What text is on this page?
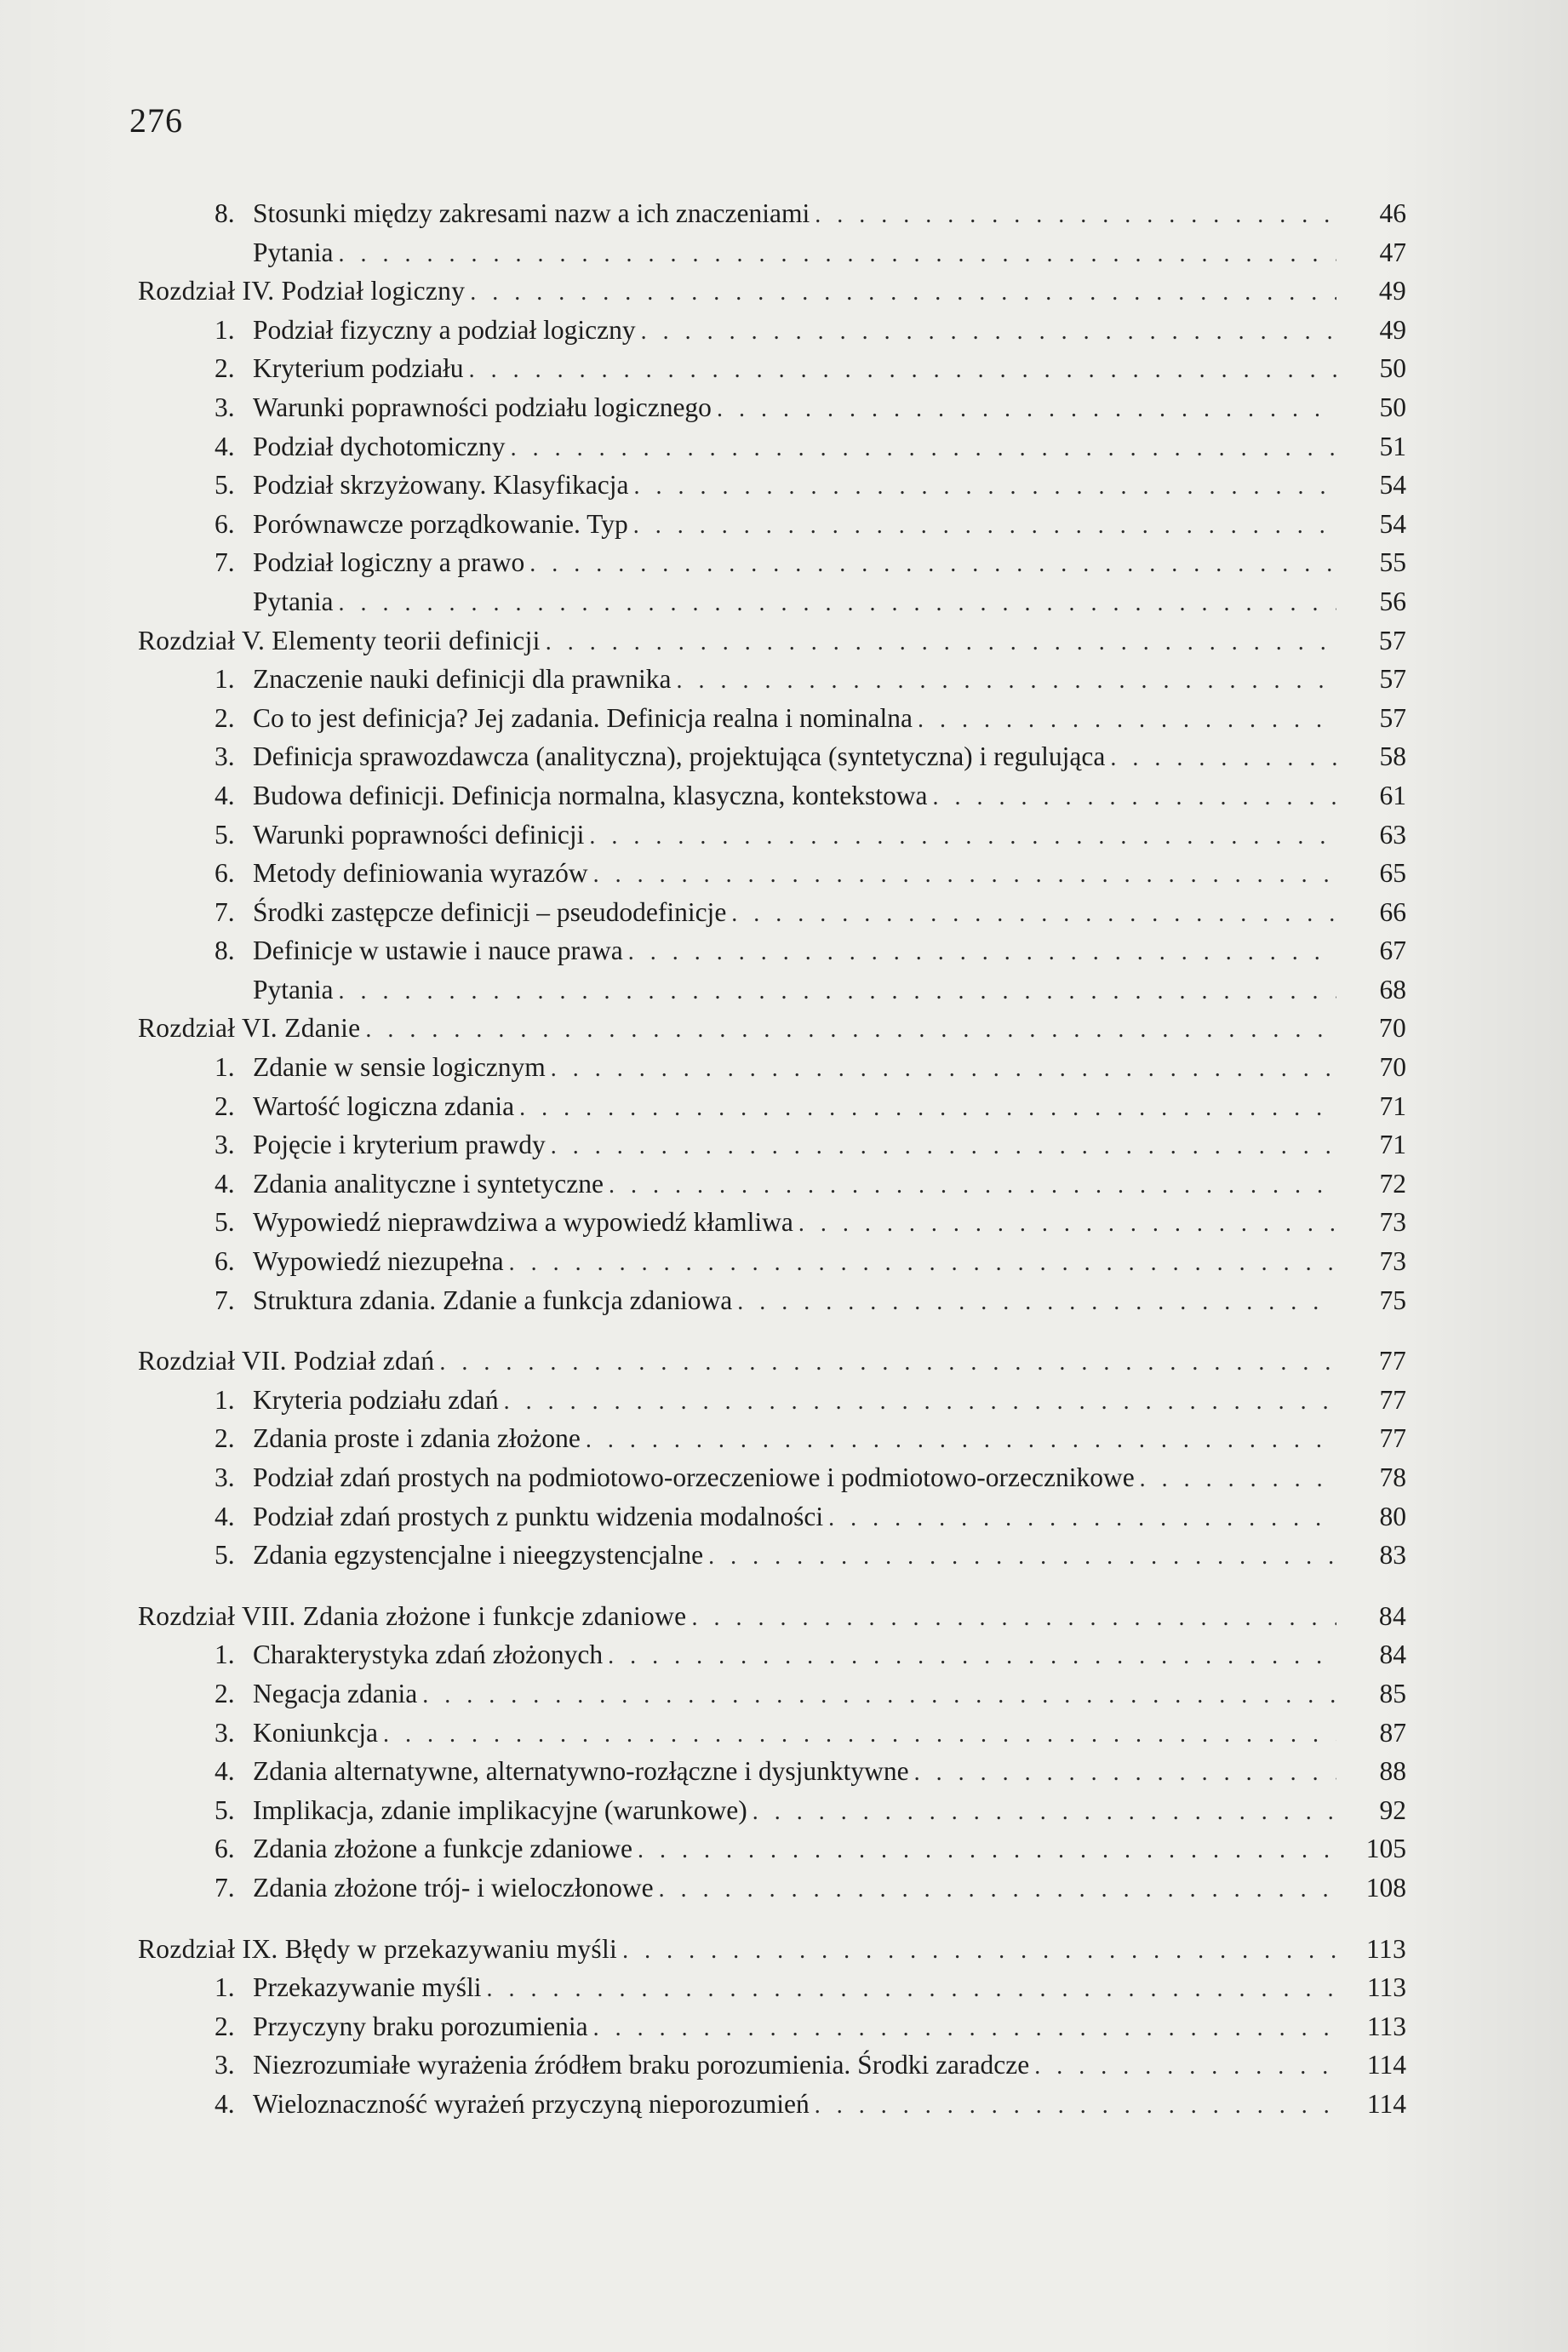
276
8. Stosunki między zakresami nazw a ich znaczeniami . . .	46
Pytania . . .	47
Rozdział IV. Podział logiczny . . .	49
1. Podział fizyczny a podział logiczny . . .	49
2. Kryterium podziału . . .	50
3. Warunki poprawności podziału logicznego . . .	50
4. Podział dychotomiczny . . .	51
5. Podział skrzyżowany. Klasyfikacja . . .	54
6. Porównawcze porządkowanie. Typ . . .	54
7. Podział logiczny a prawo . . .	55
Pytania . . .	56
Rozdział V. Elementy teorii definicji . . .	57
1. Znaczenie nauki definicji dla prawnika . . .	57
2. Co to jest definicja? Jej zadania. Definicja realna i nominalna . . .	57
3. Definicja sprawozdawcza (analityczna), projektująca (syntetyczna) i regulująca . . .	58
4. Budowa definicji. Definicja normalna, klasyczna, kontekstowa . . .	61
5. Warunki poprawności definicji . . .	63
6. Metody definiowania wyrazów . . .	65
7. Środki zastępcze definicji – pseudodefinicje . . .	66
8. Definicje w ustawie i nauce prawa . . .	67
Pytania . . .	68
Rozdział VI. Zdanie . . .	70
1. Zdanie w sensie logicznym . . .	70
2. Wartość logiczna zdania . . .	71
3. Pojęcie i kryterium prawdy . . .	71
4. Zdania analityczne i syntetyczne . . .	72
5. Wypowiedź nieprawdziwa a wypowiedź kłamliwa . . .	73
6. Wypowiedź niezupełna . . .	73
7. Struktura zdania. Zdanie a funkcja zdaniowa . . .	75
Rozdział VII. Podział zdań . . .	77
1. Kryteria podziału zdań . . .	77
2. Zdania proste i zdania złożone . . .	77
3. Podział zdań prostych na podmiotowo-orzeczeniowe i podmiotowo-orzecznikowe . . .	78
4. Podział zdań prostych z punktu widzenia modalności . . .	80
5. Zdania egzystencjalne i nieegzystencjalne . . .	83
Rozdział VIII. Zdania złożone i funkcje zdaniowe . . .	84
1. Charakterystyka zdań złożonych . . .	84
2. Negacja zdania . . .	85
3. Koniunkcja . . .	87
4. Zdania alternatywne, alternatywno-rozłączne i dysjunktywne . . .	88
5. Implikacja, zdanie implikacyjne (warunkowe) . . .	92
6. Zdania złożone a funkcje zdaniowe . . .	105
7. Zdania złożone trój- i wieloczłonowe . . .	108
Rozdział IX. Błędy w przekazywaniu myśli . . .	113
1. Przekazywanie myśli . . .	113
2. Przyczyny braku porozumienia . . .	113
3. Niezrozumiałe wyrażenia źródłem braku porozumienia. Środki zaradcze . . .	114
4. Wieloznaczność wyrażeń przyczyną nieporozumień . . .	114
